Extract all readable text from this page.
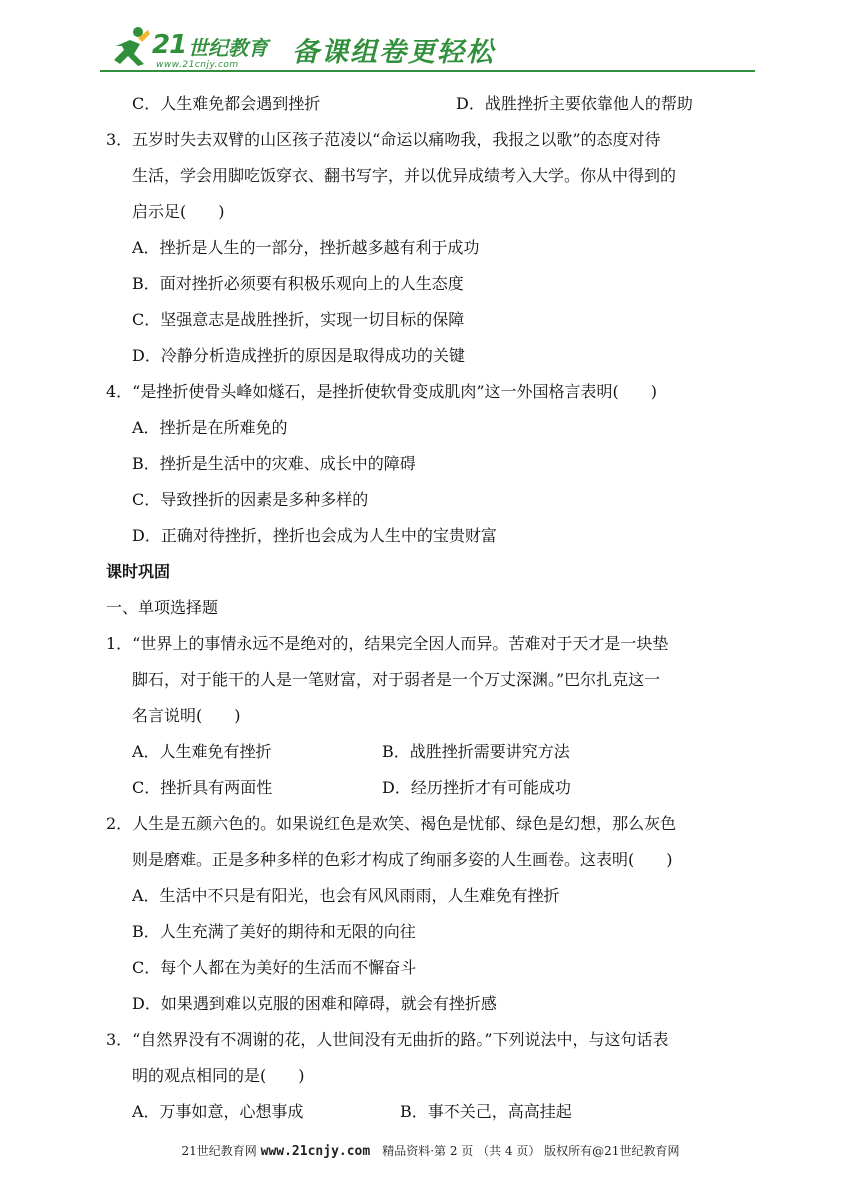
21 世纪教育
www.21cnjy.com 备课组卷更轻松
C．人生难免都会遇到挫折	D．战胜挫折主要依靠他人的帮助
3．五岁时失去双臂的山区孩子范凌以“命运以痛吻我，我报之以歌”的态度对待
生活，学会用脚吃饭穿衣、翻书写字，并以优异成绩考入大学。你从中得到的
启示足(　　)
A．挫折是人生的一部分，挫折越多越有利于成功
B．面对挫折必须要有积极乐观向上的人生态度
C．坚强意志是战胜挫折，实现一切目标的保障
D．冷静分析造成挫折的原因是取得成功的关键
4．“是挫折使骨头峰如燧石，是挫折使软骨变成肌肉”这一外国格言表明(　　)
A．挫折是在所难免的
B．挫折是生活中的灾难、成长中的障碍
C．导致挫折的因素是多种多样的
D．正确对待挫折，挫折也会成为人生中的宝贵财富
课时巩固
一、单项选择题
1．“世界上的事情永远不是绝对的，结果完全因人而异。苦难对于天才是一块垫
脚石，对于能干的人是一笔财富，对于弱者是一个万丈深渊。”巴尔扎克这一
名言说明(　　)
A．人生难免有挫折	B．战胜挫折需要讲究方法
C．挫折具有两面性	D．经历挫折才有可能成功
2．人生是五颜六色的。如果说红色是欢笑、褐色是忧郁、绿色是幻想，那么灰色
则是磨难。正是多种多样的色彩才构成了绚丽多姿的人生画卷。这表明(　　)
A．生活中不只是有阳光，也会有风风雨雨，人生难免有挫折
B．人生充满了美好的期待和无限的向往
C．每个人都在为美好的生活而不懈奋斗
D．如果遇到难以克服的困难和障碍，就会有挫折感
3．“自然界没有不凋谢的花，人世间没有无曲折的路。”下列说法中，与这句话表
明的观点相同的是(　　)
A．万事如意，心想事成	B．事不关己，高高挂起
21世纪教育网 www.21cnjy.com　精品资料·第 2 页 （共 4 页） 版权所有@21世纪教育网
